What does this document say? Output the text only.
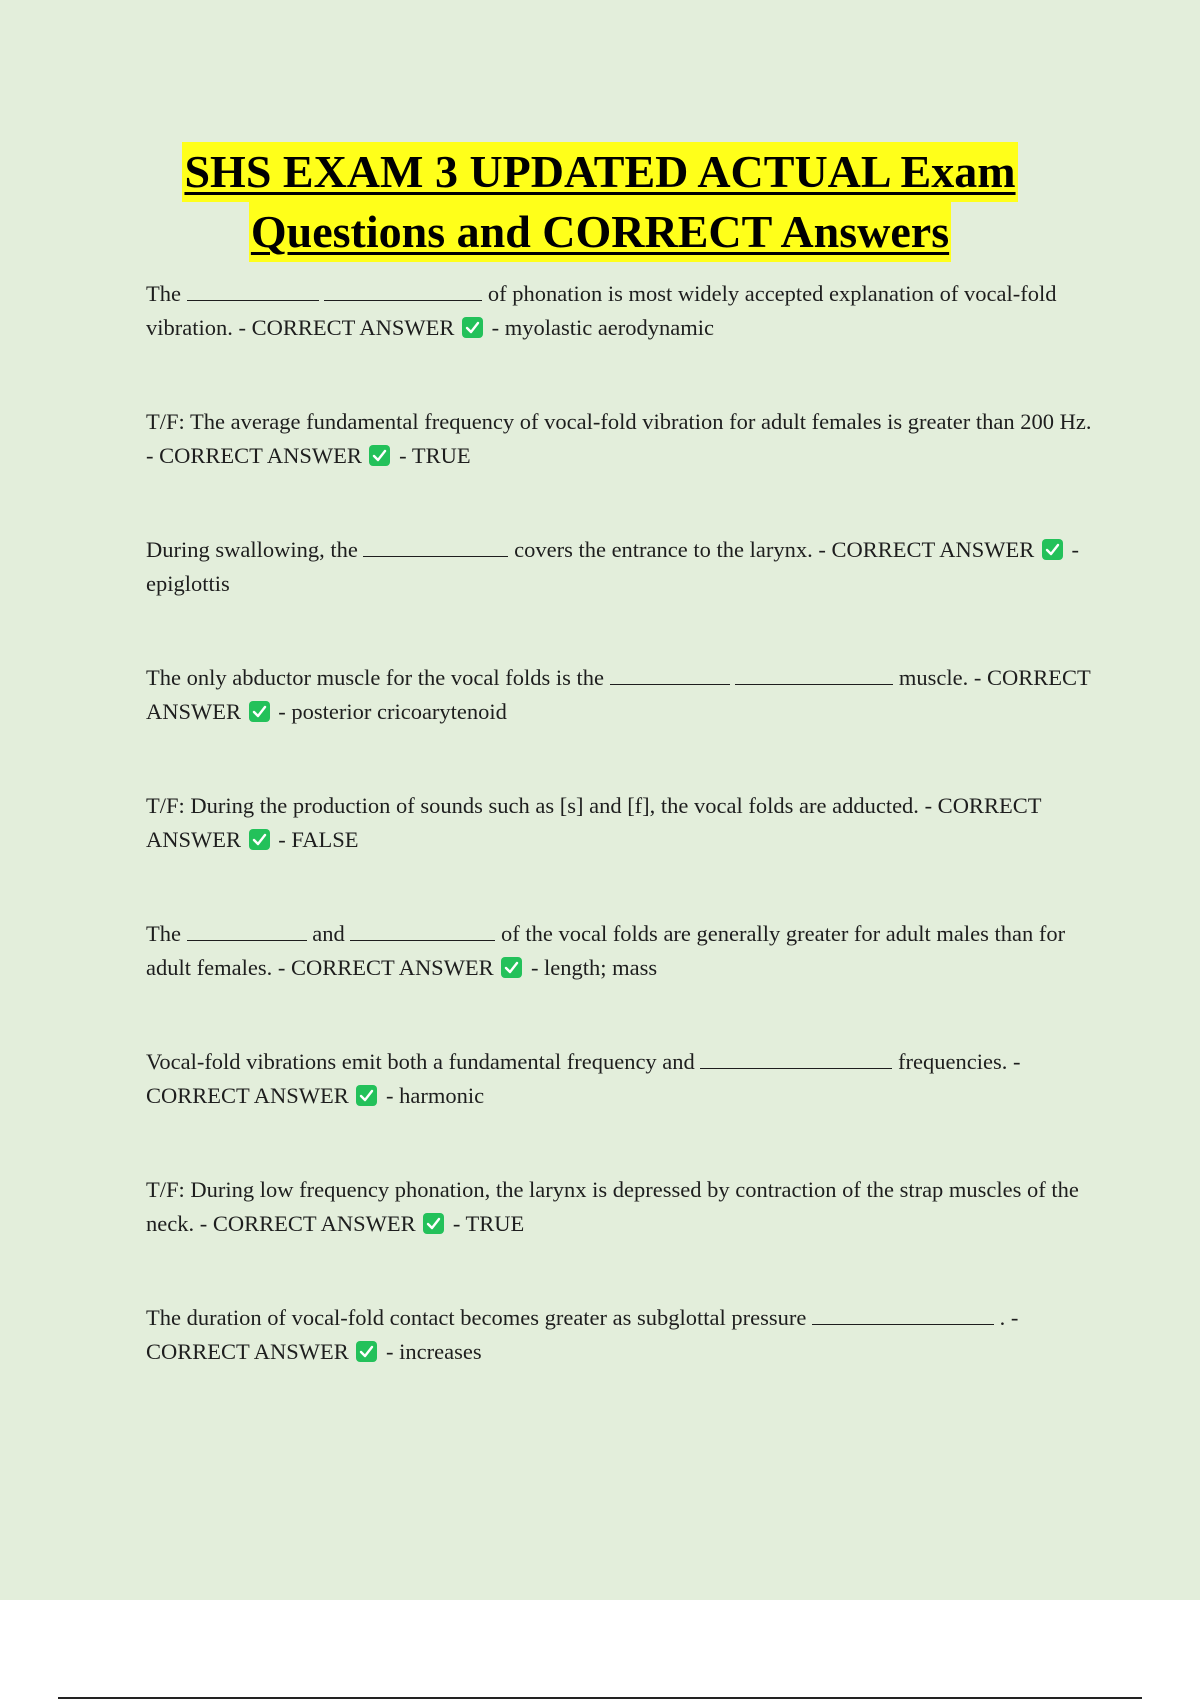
SHS EXAM 3 UPDATED ACTUAL Exam
Questions and CORRECT Answers

The	of phonation is most widely accepted explanation of vocal-fold vibration. - CORRECT ANSWER - myolastic aerodynamic

T/F: The average fundamental frequency of vocal-fold vibration for adult females is greater than 200 Hz. - CORRECT ANSWER - TRUE

During swallowing, the	covers the entrance to the larynx. - CORRECT ANSWER - epiglottis

The only abductor muscle for the vocal folds is the	muscle. - CORRECT ANSWER - posterior cricoarytenoid

T/F: During the production of sounds such as [s] and [f], the vocal folds are adducted. - CORRECT ANSWER - FALSE

The	and	of the vocal folds are generally greater for adult males than for adult females. - CORRECT ANSWER - length; mass

Vocal-fold vibrations emit both a fundamental frequency and	frequencies. - CORRECT ANSWER - harmonic

T/F: During low frequency phonation, the larynx is depressed by contraction of the strap muscles of the neck. - CORRECT ANSWER - TRUE

The duration of vocal-fold contact becomes greater as subglottal pressure	. - CORRECT ANSWER - increases
